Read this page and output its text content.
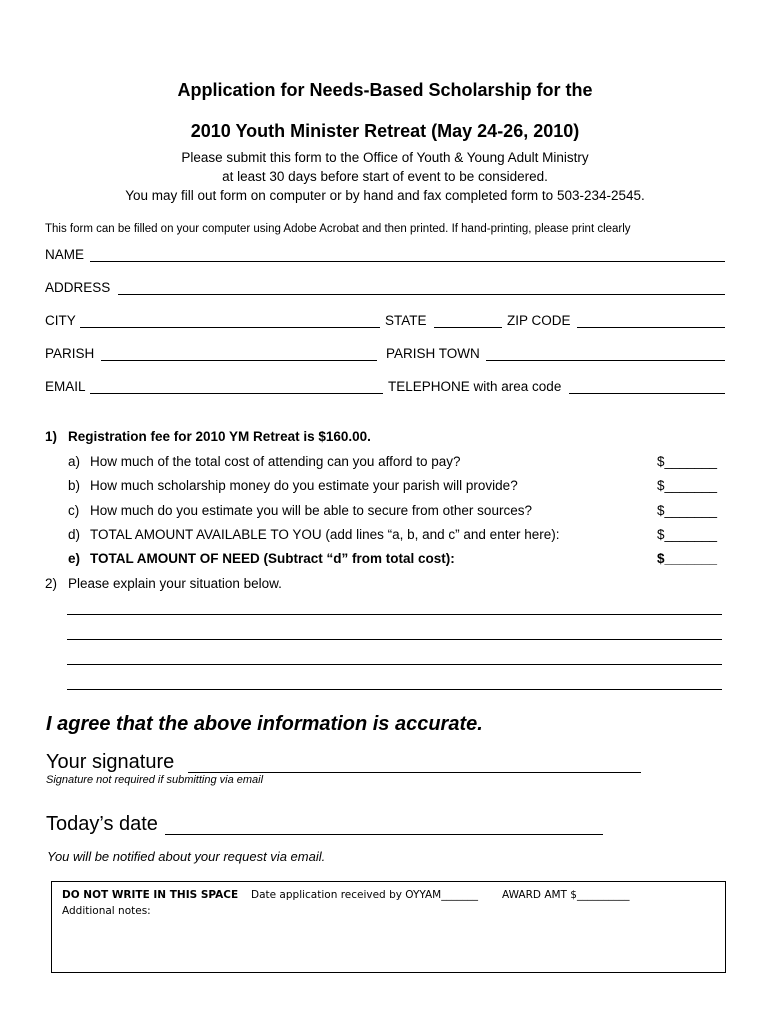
Application for Needs-Based Scholarship for the
2010 Youth Minister Retreat (May 24-26, 2010)
Please submit this form to the Office of Youth & Young Adult Ministry
at least 30 days before start of event to be considered.
You may fill out form on computer or by hand and fax completed form to 503-234-2545.
This form can be filled on your computer using Adobe Acrobat and then printed. If hand-printing, please print clearly
NAME
ADDRESS
CITY	STATE	ZIP CODE
PARISH	PARISH TOWN
EMAIL	TELEPHONE with area code
1) Registration fee for 2010 YM Retreat is $160.00.
a) How much of the total cost of attending can you afford to pay?	$_______
b) How much scholarship money do you estimate your parish will provide?	$_______
c) How much do you estimate you will be able to secure from other sources?	$_______
d) TOTAL AMOUNT AVAILABLE TO YOU (add lines “a, b, and c” and enter here):	$_______
e) TOTAL AMOUNT OF NEED (Subtract “d” from total cost):	$_______
2) Please explain your situation below.
I agree that the above information is accurate.
Your signature
Signature not required if submitting via email
Today’s date
You will be notified about your request via email.
DO NOT WRITE IN THIS SPACE Date application received by OYYAM_______ AWARD AMT $__________
Additional notes:
